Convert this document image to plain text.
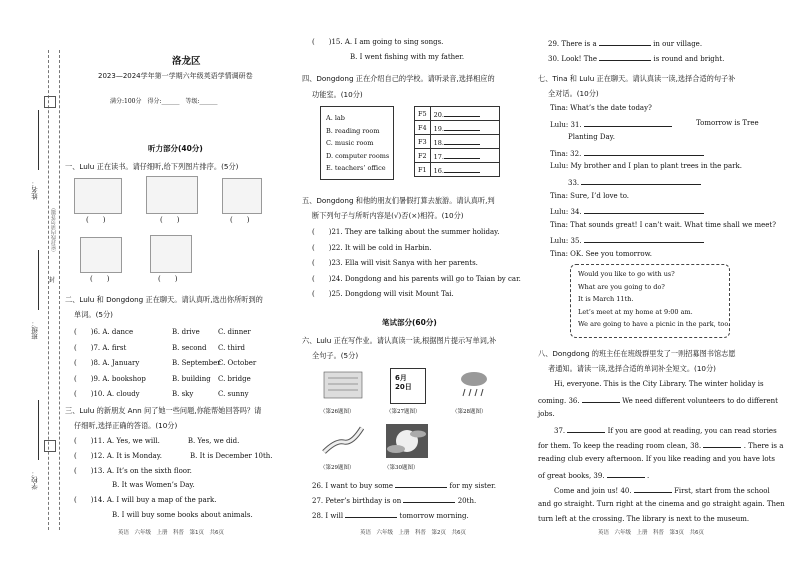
姓名：
班级：
学校：
（密封线内请勿答题）
封
洛龙区
2023—2024学年第一学期六年级英语学情调研卷
满分:100分　得分:______　等级:______
听力部分(40分)
一、Lulu 正在读书。请仔细听,给下列图片排序。(5分)
(　　)	(　　)	(　　)
(　　)	(　　)
二、Lulu 和 Dongdong 正在聊天。请认真听,选出你所听到的
单词。(5分)
(　　)6. A. dance	B. drive	C. dinner
(　　)7. A. first	B. second C. third
(　　)8. A. January	B. September
C. October
(　　)9. A. bookshop	B. building C. bridge
(　　)10. A. cloudy	B. sky	C. sunny
三、Lulu 的新朋友 Ann 问了她一些问题,你能帮她回答吗？请
仔细听,选择正确的答语。(10分)
(　　)11. A. Yes, we will.　　　　B. Yes, we did.
(　　)12. A. It is Monday.　　　　B. It is December 10th.
(　　)13. A. It’s on the sixth floor.
B. It was Women’s Day.
(　　)14. A. I will buy a map of the park.
B. I will buy some books about animals.
英语　六年级　上册　科普　第1页　共6页
(　　)15. A. I am going to sing songs.
B. I went fishing with my father.
四、Dongdong 正在介绍自己的学校。请听录音,选择相应的
功能室。(10分)
A. lab
B. reading room
C. music room
D. computer rooms
E. teachers’ office
F5	20.
F4	19.
F3	18.
F2	17.
F1	16.
五、Dongdong 和他的朋友们暑假打算去旅游。请认真听,判
断下列句子与所听内容是(√)否(×)相符。(10分)
(　　)21. They are talking about the summer holiday.
(　　)22. It will be cold in Harbin.
(　　)23. Ella will visit Sanya with her parents.
(　　)24. Dongdong and his parents will go to Taian by car.
(　　)25. Dongdong will visit Mount Tai.
笔试部分(60分)
六、Lulu 正在写作业。请认真读一读,根据图片提示写单词,补
全句子。(5分)
（第26题图）
6月
20日
（第27题图）	（第28题图）
（第29题图）	（第30题图）
26. I want to buy some	for my sister.
27. Peter’s birthday is on	20th.
28. I will	tomorrow morning.
英语　六年级　上册　科普　第2页　共6页
29. There is a	in our village.
30. Look! The	is round and bright.
七、Tina 和 Lulu 正在聊天。请认真读一读,选择合适的句子补
全对话。(10分)
Tina: What’s the date today?
Lulu: 31.	Tomorrow is Tree
Planting Day.
Tina: 32.
Lulu: My brother and I plan to plant trees in the park.
33.
Tina: Sure, I’d love to.
Lulu: 34.
Tina: That sounds great! I can’t wait. What time shall we meet?
Lulu: 35.
Tina: OK. See you tomorrow.
Would you like to go with us?
What are you going to do?
It is March 11th.
Let’s meet at my home at 9:00 am.
We are going to have a picnic in the park, too.
八、Dongdong 的班主任在班级群里发了一则招募图书馆志愿
者通知。请读一读,选择合适的单词补全短文。(10分)
Hi, everyone. This is the City Library. The winter holiday is
coming. 36.	We need different volunteers to do different
jobs.
37.	If you are good at reading, you can read stories
for them. To keep the reading room clean, 38.	. There is a
reading club every afternoon. If you like reading and you have lots
of great books, 39.	.
Come and join us! 40.	First, start from the school
and go straight. Turn right at the cinema and go straight again. Then
turn left at the crossing. The library is next to the museum.
英语　六年级　上册　科普　第3页　共6页
